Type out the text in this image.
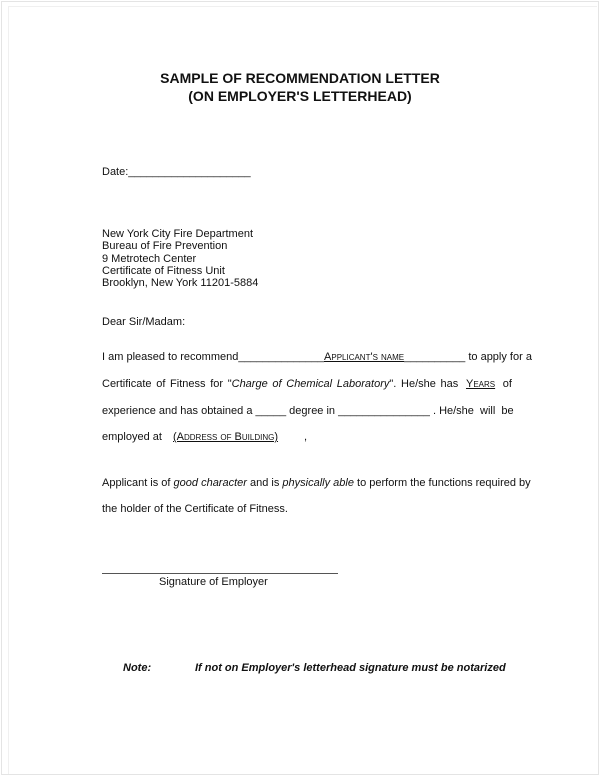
SAMPLE OF RECOMMENDATION LETTER
(ON EMPLOYER'S LETTERHEAD)
Date:____________________
New York City Fire Department
Bureau of Fire Prevention
9 Metrotech Center
Certificate of Fitness Unit
Brooklyn, New York 11201-5884
Dear Sir/Madam:
I am pleased to recommend______________Applicant's name__________ to apply for a
Certificate of Fitness for "Charge of Chemical Laboratory". He/she has Years of
experience and has obtained a _____ degree in _______________ . He/she  will  be
employed at (Address of Building) ,
Applicant is of good character and is physically able to perform the functions required by
the holder of the Certificate of Fitness.
Signature of Employer
Note:	If not on Employer's letterhead signature must be notarized
